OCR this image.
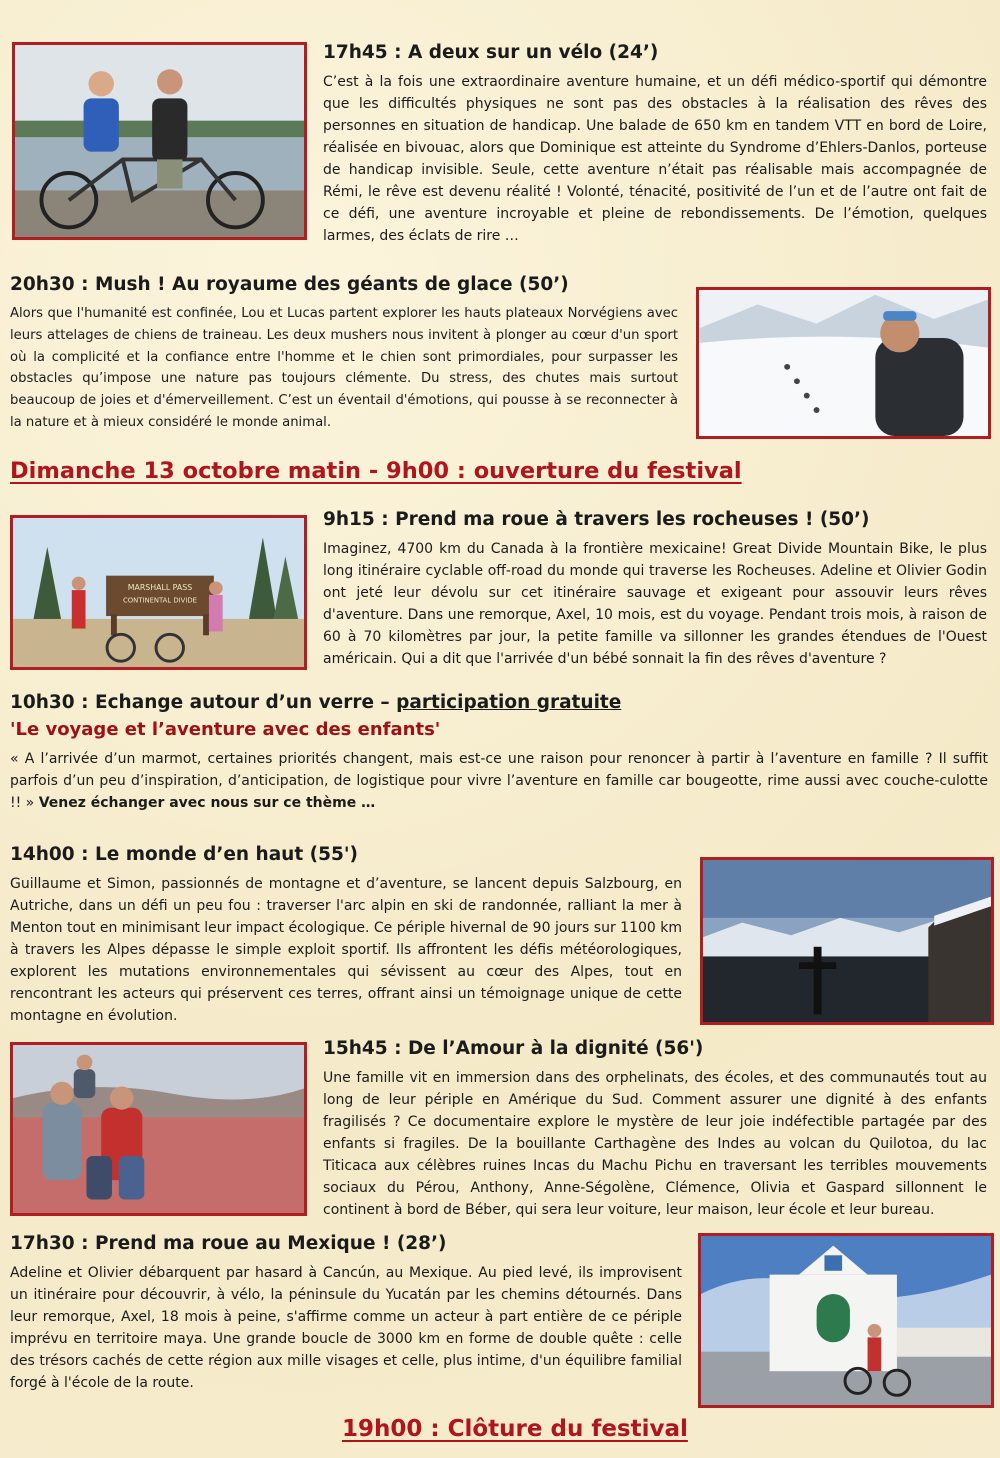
17h45 : A deux sur un vélo (24’)

C’est à la fois une extraordinaire aventure humaine, et un défi médico-sportif qui démontre que les difficultés physiques ne sont pas des obstacles à la réalisation des rêves des personnes en situation de handicap. Une balade de 650 km en tandem VTT en bord de Loire, réalisée en bivouac, alors que Dominique est atteinte du Syndrome d’Ehlers-Danlos, porteuse de handicap invisible. Seule, cette aventure n’était pas réalisable mais accompagnée de Rémi, le rêve est devenu réalité ! Volonté, ténacité, positivité de l’un et de l’autre ont fait de ce défi, une aventure incroyable et pleine de rebondissements. De l’émotion, quelques larmes, des éclats de rire …

20h30 : Mush ! Au royaume des géants de glace (50’)

Alors que l'humanité est confinée, Lou et Lucas partent explorer les hauts plateaux Norvégiens avec leurs attelages de chiens de traineau. Les deux mushers nous invitent à plonger au cœur d'un sport où la complicité et la confiance entre l'homme et le chien sont primordiales, pour surpasser les obstacles qu’impose une nature pas toujours clémente. Du stress, des chutes mais surtout beaucoup de joies et d'émerveillement. C’est un éventail d'émotions, qui pousse à se reconnecter à la nature et à mieux considéré le monde animal.

Dimanche 13 octobre matin - 9h00 : ouverture du festival
MARSHALL PASS
CONTINENTAL DIVIDE

9h15 : Prend ma roue à travers les rocheuses ! (50’)

Imaginez, 4700 km du Canada à la frontière mexicaine! Great Divide Mountain Bike, le plus long itinéraire cyclable off-road du monde qui traverse les Rocheuses. Adeline et Olivier Godin ont jeté leur dévolu sur cet itinéraire sauvage et exigeant pour assouvir leurs rêves d'aventure. Dans une remorque, Axel, 10 mois, est du voyage. Pendant trois mois, à raison de 60 à 70 kilomètres par jour, la petite famille va sillonner les grandes étendues de l'Ouest américain. Qui a dit que l'arrivée d'un bébé sonnait la fin des rêves d'aventure ?

10h30 : Echange autour d’un verre – participation gratuite

'Le voyage et l’aventure avec des enfants'

« A l’arrivée d’un marmot, certaines priorités changent, mais est-ce une raison pour renoncer à partir à l’aventure en famille ? Il suffit parfois d’un peu d’inspiration, d’anticipation, de logistique pour vivre l’aventure en famille car bougeotte, rime aussi avec couche-culotte !! » Venez échanger avec nous sur ce thème …

14h00 : Le monde d’en haut (55')

Guillaume et Simon, passionnés de montagne et d’aventure, se lancent depuis Salzbourg, en Autriche, dans un défi un peu fou : traverser l'arc alpin en ski de randonnée, ralliant la mer à Menton tout en minimisant leur impact écologique. Ce périple hivernal de 90 jours sur 1100 km à travers les Alpes dépasse le simple exploit sportif. Ils affrontent les défis météorologiques, explorent les mutations environnementales qui sévissent au cœur des Alpes, tout en rencontrant les acteurs qui préservent ces terres, offrant ainsi un témoignage unique de cette montagne en évolution.

15h45 : De l’Amour à la dignité (56')

Une famille vit en immersion dans des orphelinats, des écoles, et des communautés tout au long de leur périple en Amérique du Sud. Comment assurer une dignité à des enfants fragilisés ? Ce documentaire explore le mystère de leur joie indéfectible partagée par des enfants si fragiles. De la bouillante Carthagène des Indes au volcan du Quilotoa, du lac Titicaca aux célèbres ruines Incas du Machu Pichu en traversant les terribles mouvements sociaux du Pérou, Anthony, Anne-Ségolène, Clémence, Olivia et Gaspard sillonnent le continent à bord de Béber, qui sera leur voiture, leur maison, leur école et leur bureau.

17h30 : Prend ma roue au Mexique ! (28’)

Adeline et Olivier débarquent par hasard à Cancún, au Mexique. Au pied levé, ils improvisent un itinéraire pour découvrir, à vélo, la péninsule du Yucatán par les chemins détournés. Dans leur remorque, Axel, 18 mois à peine, s'affirme comme un acteur à part entière de ce périple imprévu en territoire maya. Une grande boucle de 3000 km en forme de double quête : celle des trésors cachés de cette région aux mille visages et celle, plus intime, d'un équilibre familial forgé à l'école de la route.

19h00 : Clôture du festival
